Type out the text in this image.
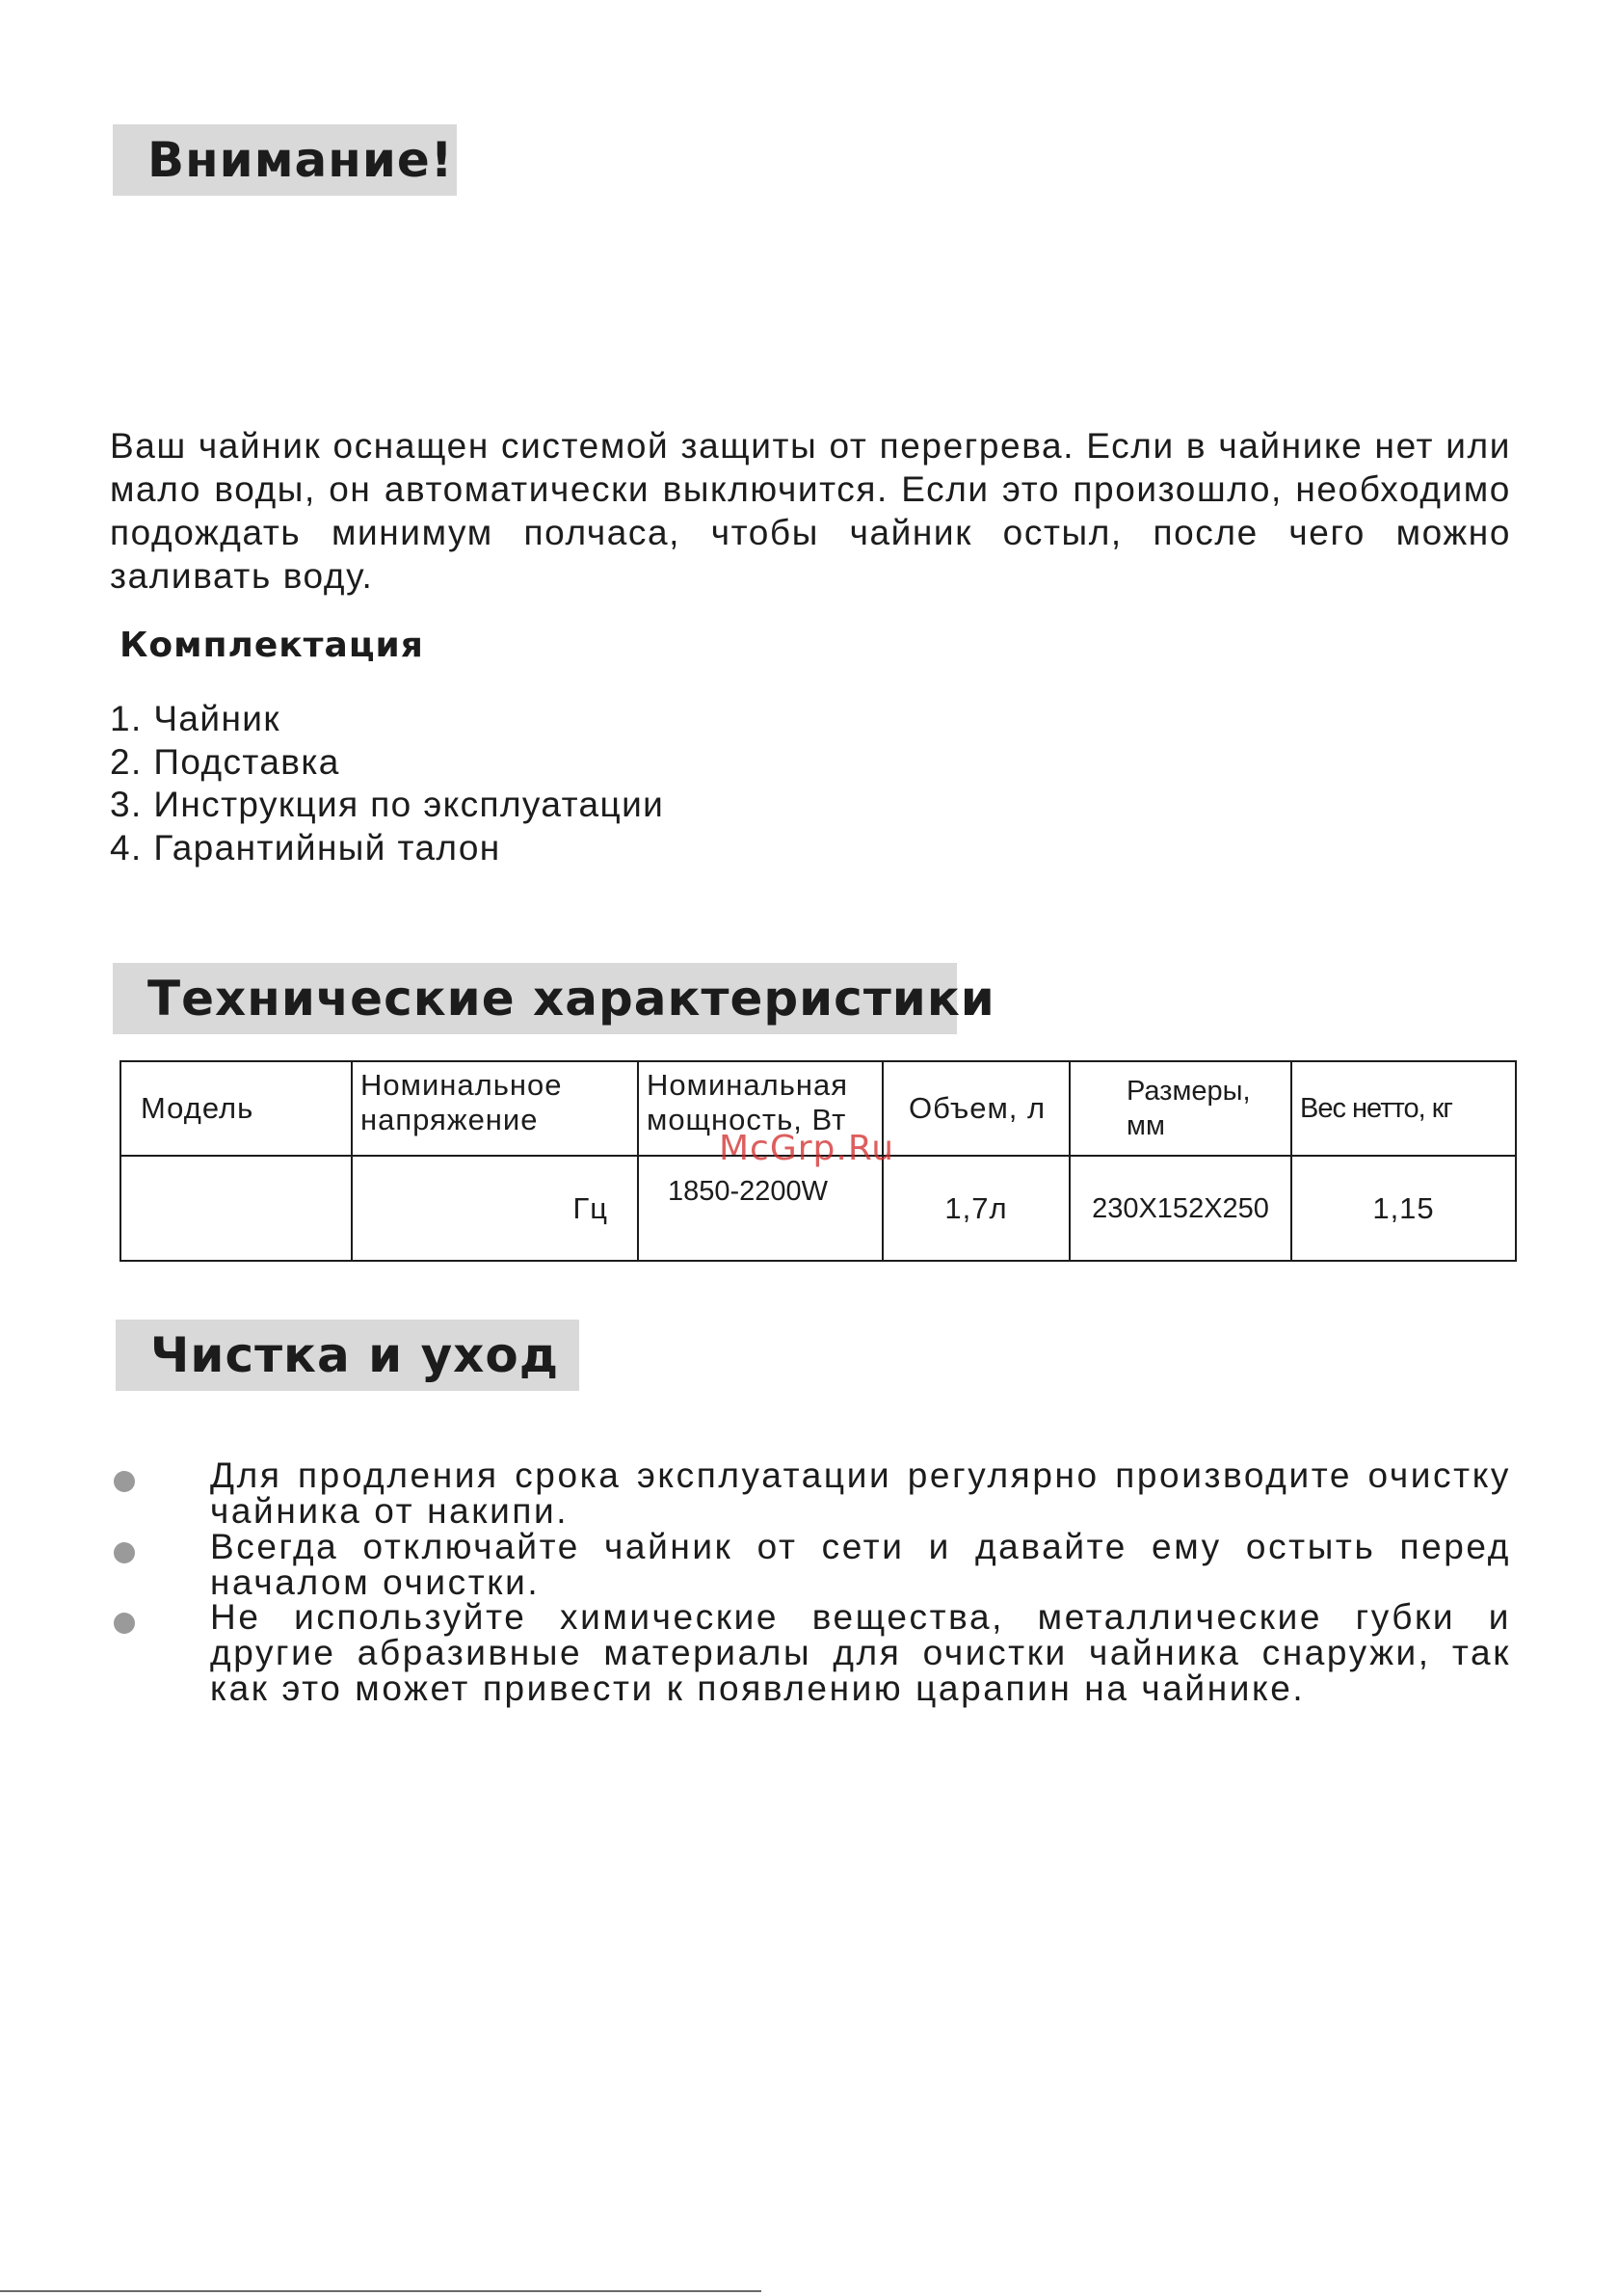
Внимание!

Ваш чайник оснащен системой защиты от перегрева. Если в чайнике нет или мало воды, он автоматически выключится. Если это произошло, необходимо подождать минимум полчаса, чтобы чайник остыл, после чего можно заливать воду.

Комплектация
1. Чайник
2. Подставка
3. Инструкция по эксплуатации
4. Гарантийный талон
Технические характеристики
Модель	Номинальное напряжение	Номинальная мощность, Вт	Объем, л	Размеры, мм	Вес нетто, кг
	Гц	1850-2200W	1,7л	230X152X250	1,15
McGrp.Ru
Чистка и уход
Для продления срока эксплуатации регулярно производите очистку чайника от накипи.
Всегда отключайте чайник от сети и давайте ему остыть перед началом очистки.
Не используйте химические вещества, металлические губки и другие абразивные материалы для очистки чайника снаружи, так как это может привести к появлению царапин на чайнике.
